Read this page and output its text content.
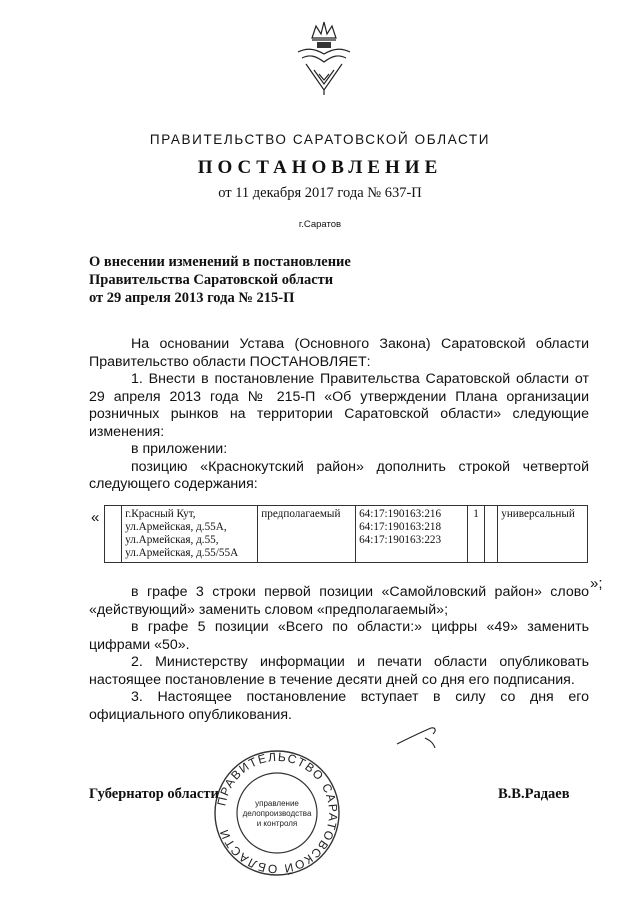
ПРАВИТЕЛЬСТВО САРАТОВСКОЙ ОБЛАСТИ
ПОСТАНОВЛЕНИЕ
от 11 декабря 2017 года № 637-П
г.Саратов
О внесении изменений в постановление
Правительства Саратовской области
от 29 апреля 2013 года № 215-П

На основании Устава (Основного Закона) Саратовской области Правительство области ПОСТАНОВЛЯЕТ:

1. Внести в постановление Правительства Саратовской области от 29 апреля 2013 года № 215-П «Об утверждении Плана организации розничных рынков на территории Саратовской области» следующие изменения:

в приложении:

позицию «Краснокутский район» дополнить строкой четвертой следующего содержания:

«
	г.Красный Кут,
ул.Армейская, д.55А,
ул.Армейская, д.55,
ул.Армейская, д.55/55А
	предполагаемый	64:17:190163:216
64:17:190163:218
64:17:190163:223
	1		универсальный
»;

в графе 3 строки первой позиции «Самойловский район» слово «действующий» заменить словом «предполагаемый»;

в графе 5 позиции «Всего по области:» цифры «49» заменить цифрами «50».

2. Министерству информации и печати области опубликовать настоящее постановление в течение десяти дней со дня его подписания.

3. Настоящее постановление вступает в силу со дня его официального опубликования.

ПРАВИТЕЛЬСТВО САРАТОВСКОЙ ОБЛАСТИ
управление
делопроизводства
и контроля
Губернатор области	В.В.Радаев
